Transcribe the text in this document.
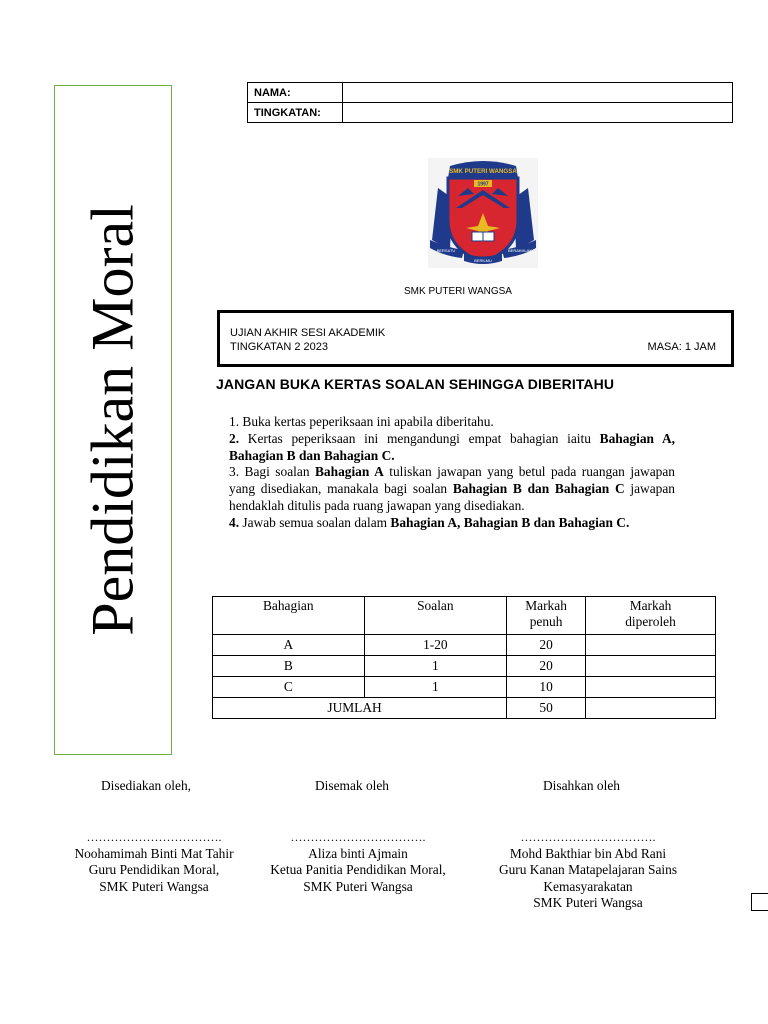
Pendidikan Moral
NAMA:	
TINGKATAN:	
SMK PUTERI WANGSA
1997
BERSATU	BERAKHLAK
BERILMU
SMK PUTERI WANGSA
UJIAN AKHIR SESI AKADEMIK
TINGKATAN 2 2023	MASA: 1 JAM
JANGAN BUKA KERTAS SOALAN SEHINGGA DIBERITAHU

1. Buka kertas peperiksaan ini apabila diberitahu.

2. Kertas peperiksaan ini mengandungi empat bahagian iaitu Bahagian A, Bahagian B dan Bahagian C.

3. Bagi soalan Bahagian A tuliskan jawapan yang betul pada ruangan jawapan yang disediakan, manakala bagi soalan Bahagian B dan Bahagian C jawapan hendaklah ditulis pada ruang jawapan yang disediakan.

4. Jawab semua soalan dalam Bahagian A, Bahagian B dan Bahagian C.

Bahagian	Soalan	Markah penuh	Markah diperoleh
A	1-20	20	
B	1	20	
C	1	10	
JUMLAH		50	
Disediakan oleh,	Disemak oleh	Disahkan oleh
…………………………….
Noohamimah Binti Mat Tahir
Guru Pendidikan Moral,
SMK Puteri Wangsa
…………………………….
Aliza binti Ajmain
Ketua Panitia Pendidikan Moral,
SMK Puteri Wangsa
…………………………….
Mohd Bakthiar bin Abd Rani
Guru Kanan Matapelajaran Sains Kemasyarakatan
SMK Puteri Wangsa
